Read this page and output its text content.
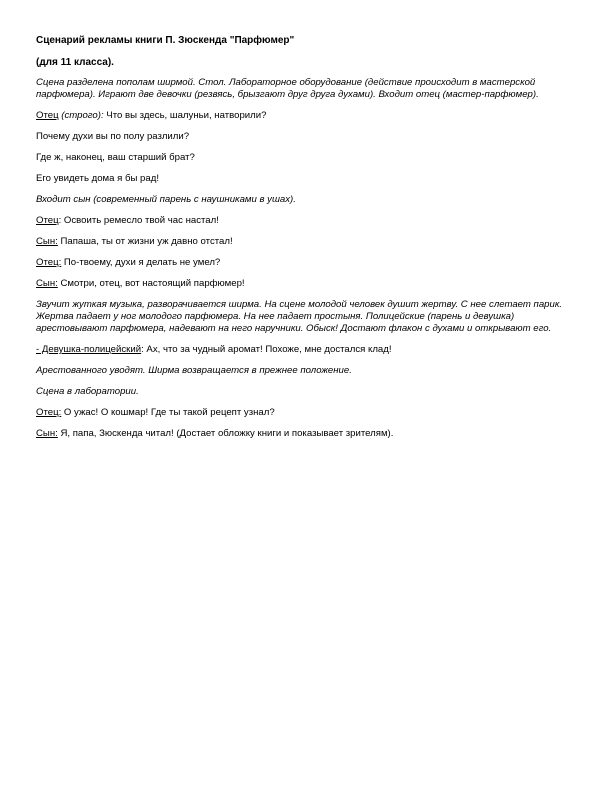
Сценарий рекламы книги П. Зюскенда "Парфюмер"

(для 11 класса).

Сцена разделена пополам ширмой. Стол. Лабораторное оборудование (действие происходит в мастерской
парфюмера). Играют две девочки (резвясь, брызгают друг друга духами). Входит отец (мастер-парфюмер).

Отец (строго): Что вы здесь, шалуньи, натворили?

Почему духи вы по полу разлили?

Где ж, наконец, ваш старший брат?

Его увидеть дома я бы рад!

Входит сын (современный парень с наушниками в ушах).

Отец: Освоить ремесло твой час настал!

Сын: Папаша, ты от жизни уж давно отстал!

Отец: По-твоему, духи я делать не умел?

Сын: Смотри, отец, вот настоящий парфюмер!

Звучит жуткая музыка, разворачивается ширма. На сцене молодой человек душит жертву. С нее слетает парик.
Жертва падает у ног молодого парфюмера. На нее падает простыня. Полицейские (парень и девушка)
арестовывают парфюмера, надевают на него наручники. Обыск! Достают флакон с духами и открывают его.

- Девушка-полицейский: Ах, что за чудный аромат! Похоже, мне достался клад!

Арестованного уводят. Ширма возвращается в прежнее положение.

Сцена в лаборатории.

Отец: О ужас! О кошмар! Где ты такой рецепт узнал?

Сын: Я, папа, Зюскенда читал! (Достает обложку книги и показывает зрителям).
